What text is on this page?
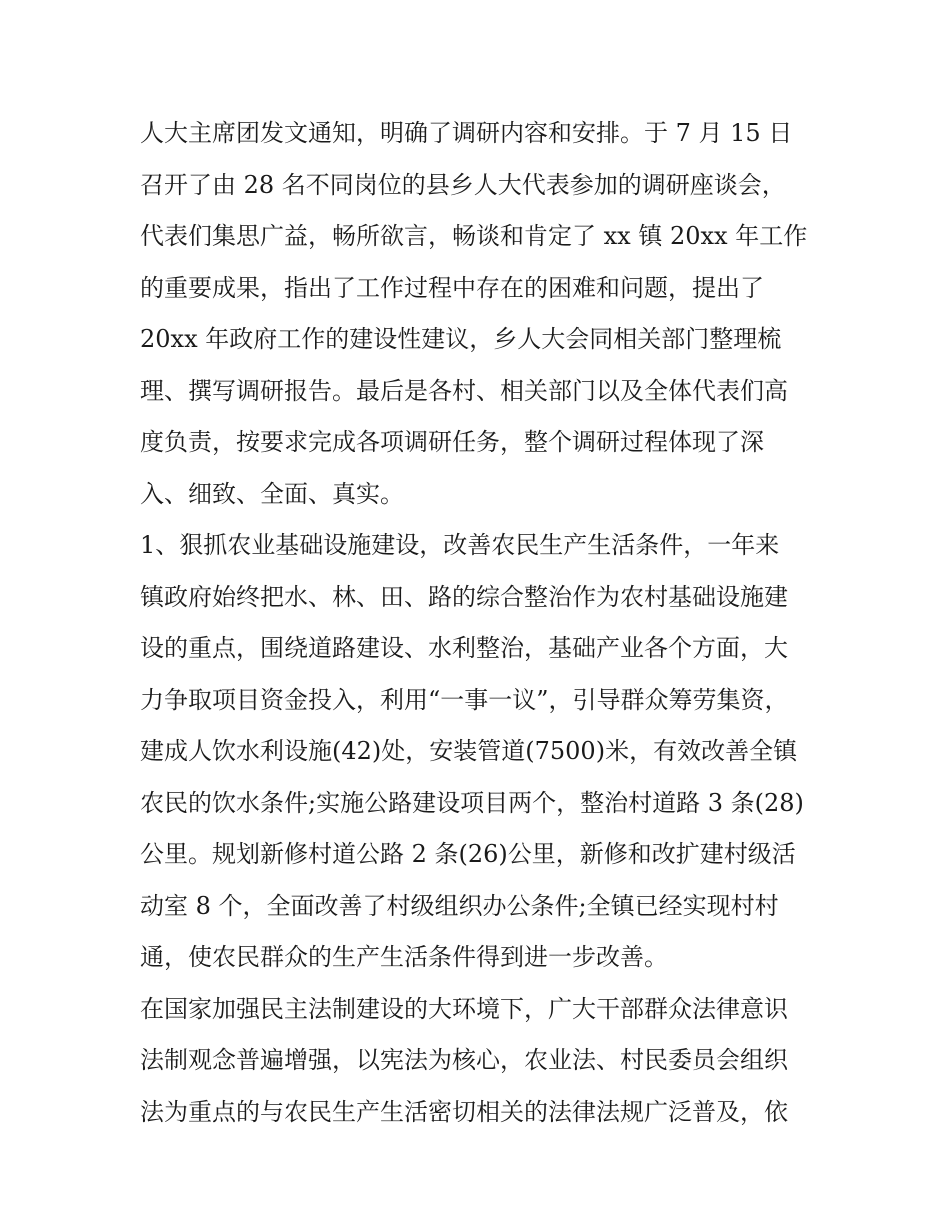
人大主席团发文通知，明确了调研内容和安排。于 7 月 15 日
召开了由 28 名不同岗位的县乡人大代表参加的调研座谈会，
代表们集思广益，畅所欲言，畅谈和肯定了 xx 镇 20xx 年工作
的重要成果，指出了工作过程中存在的困难和问题，提出了
20xx 年政府工作的建设性建议，乡人大会同相关部门整理梳
理、撰写调研报告。最后是各村、相关部门以及全体代表们高
度负责，按要求完成各项调研任务，整个调研过程体现了深
入、细致、全面、真实。
1、狠抓农业基础设施建设，改善农民生产生活条件，一年来
镇政府始终把水、林、田、路的综合整治作为农村基础设施建
设的重点，围绕道路建设、水利整治，基础产业各个方面，大
力争取项目资金投入，利用“一事一议”，引导群众筹劳集资，
建成人饮水利设施(42)处，安装管道(7500)米，有效改善全镇
农民的饮水条件;实施公路建设项目两个，整治村道路 3 条(28)
公里。规划新修村道公路 2 条(26)公里，新修和改扩建村级活
动室 8 个，全面改善了村级组织办公条件;全镇已经实现村村
通，使农民群众的生产生活条件得到进一步改善。
在国家加强民主法制建设的大环境下，广大干部群众法律意识
法制观念普遍增强，以宪法为核心，农业法、村民委员会组织
法为重点的与农民生产生活密切相关的法律法规广泛普及，依
